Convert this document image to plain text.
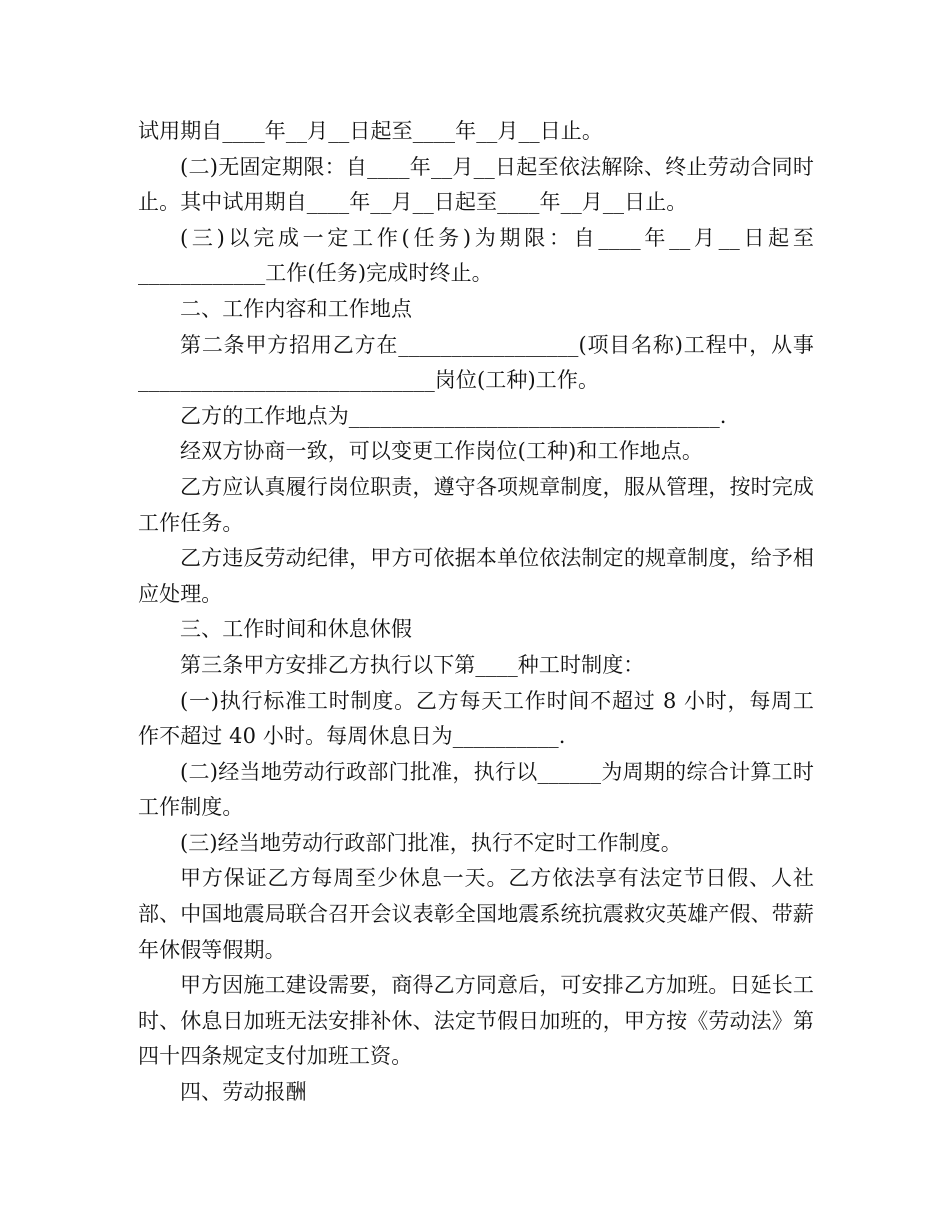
试用期自____年__月__日起至____年__月__日止。

(二)无固定期限：自____年__月__日起至依法解除、终止劳动合同时止。其中试用期自____年__月__日起至____年__月__日止。

(三)以完成一定工作(任务)为期限：自____年__月__日起至____________工作(任务)完成时终止。

二、工作内容和工作地点

第二条甲方招用乙方在_________________(项目名称)工程中，从事____________________________岗位(工种)工作。

乙方的工作地点为___________________________________.

经双方协商一致，可以变更工作岗位(工种)和工作地点。

乙方应认真履行岗位职责，遵守各项规章制度，服从管理，按时完成工作任务。

乙方违反劳动纪律，甲方可依据本单位依法制定的规章制度，给予相应处理。

三、工作时间和休息休假

第三条甲方安排乙方执行以下第____种工时制度：

(一)执行标准工时制度。乙方每天工作时间不超过 8 小时，每周工作不超过 40 小时。每周休息日为__________.

(二)经当地劳动行政部门批准，执行以______为周期的综合计算工时工作制度。

(三)经当地劳动行政部门批准，执行不定时工作制度。

甲方保证乙方每周至少休息一天。乙方依法享有法定节日假、人社部、中国地震局联合召开会议表彰全国地震系统抗震救灾英雄产假、带薪年休假等假期。

甲方因施工建设需要，商得乙方同意后，可安排乙方加班。日延长工时、休息日加班无法安排补休、法定节假日加班的，甲方按《劳动法》第四十四条规定支付加班工资。

四、劳动报酬
